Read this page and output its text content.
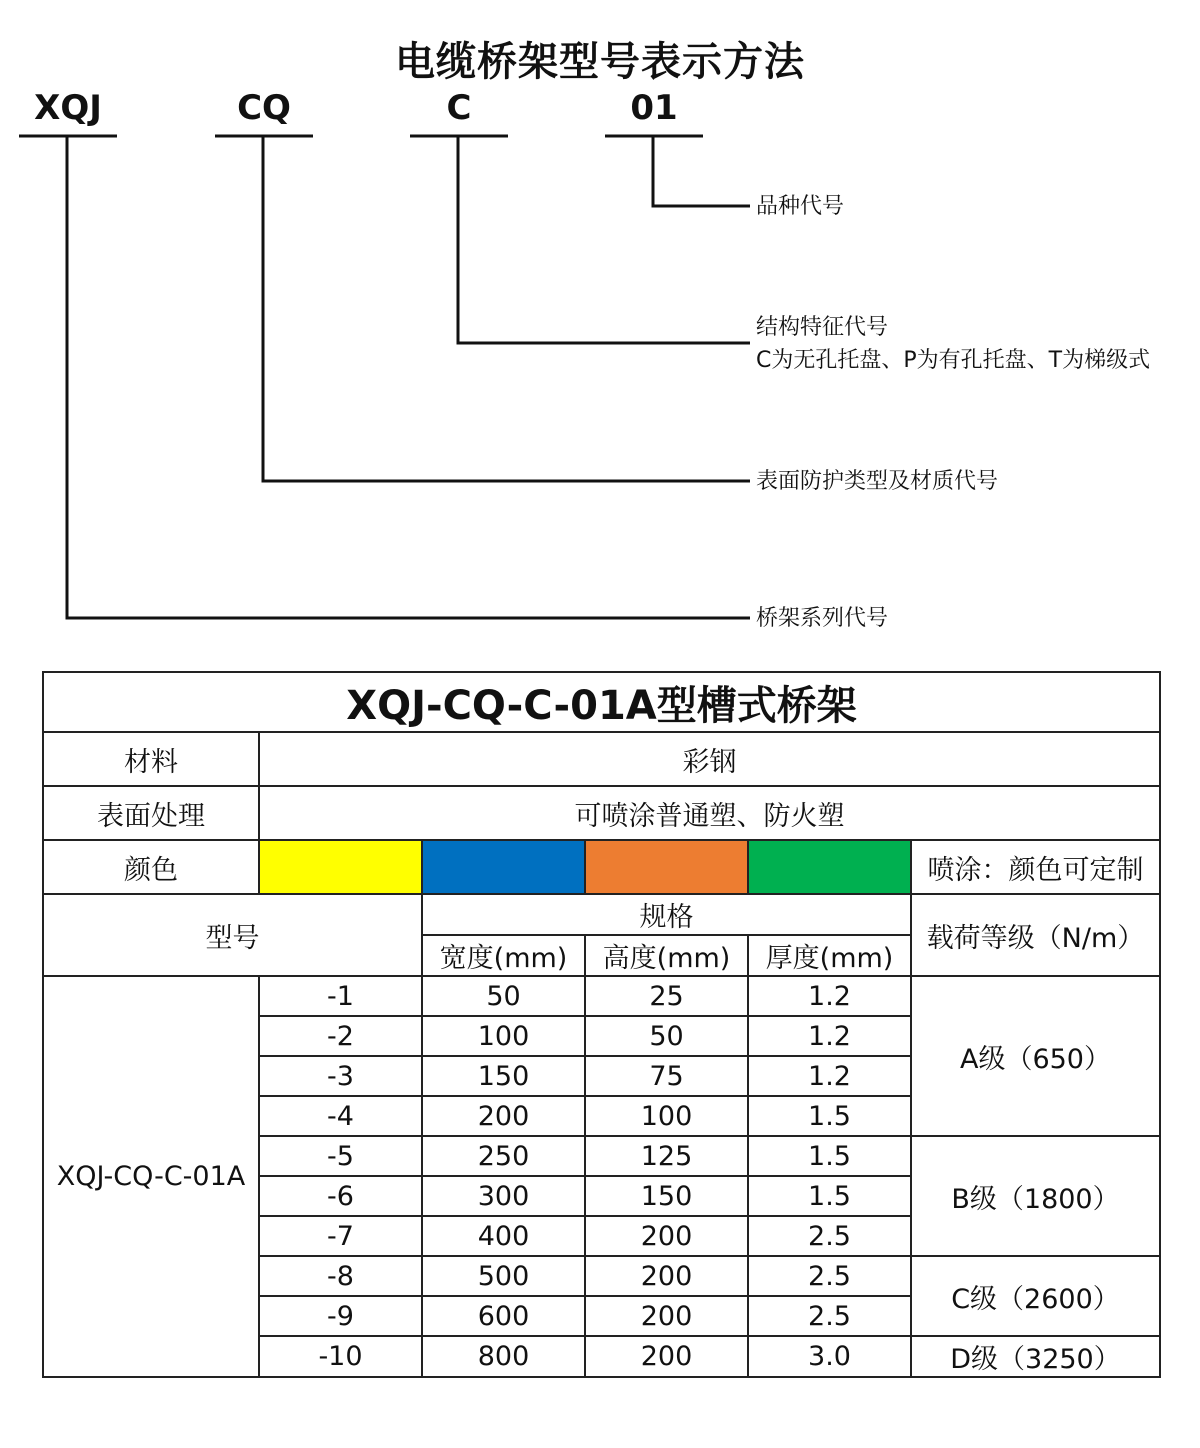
电缆桥架型号表示方法
XQJ	CQ	C	01
品种代号
结构特征代号
C为无孔托盘、P为有孔托盘、T为梯级式
表面防护类型及材质代号
桥架系列代号
XQJ-CQ-C-01A型槽式桥架					
材料	彩钢				
表面处理	可喷涂普通塑、防火塑				
颜色					喷涂：颜色可定制
型号		规格			载荷等级（N/m）
		宽度(mm)	高度(mm)	厚度(mm)	
XQJ-CQ-C-01A	-1	50	25	1.2	A级（650）
	-2	100	50	1.2	
	-3	150	75	1.2	
	-4	200	100	1.5	
	-5	250	125	1.5	B级（1800）
	-6	300	150	1.5	
	-7	400	200	2.5	
	-8	500	200	2.5	C级（2600）
	-9	600	200	2.5	
	-10	800	200	3.0	D级（3250）
